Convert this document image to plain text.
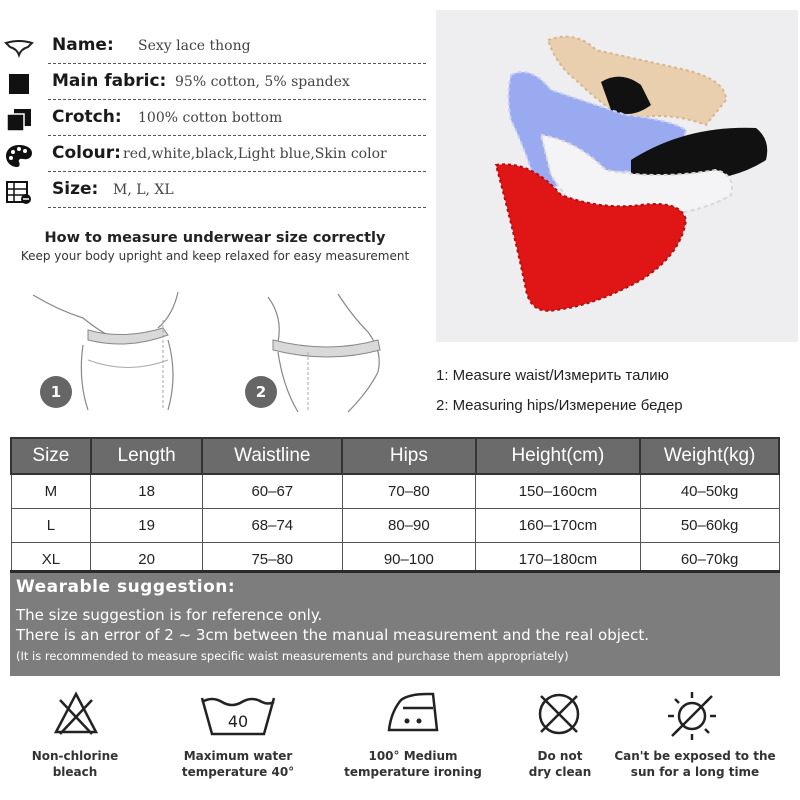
Name: Sexy lace thong
Main fabric: 95% cotton, 5% spandex
Crotch: 100% cotton bottom
Colour: red,white,black,Light blue,Skin color
Size: M, L, XL
How to measure underwear size correctly
Keep your body upright and keep relaxed for easy measurement
1	2
1: Measure waist/Измерить талию
2: Measuring hips/Измерение бедер
Size	Length	Waistline	Hips	Height(cm)	Weight(kg)
M	18	60–67	70–80	150–160cm	40–50kg
L	19	68–74	80–90	160–170cm	50–60kg
XL	20	75–80	90–100	170–180cm	60–70kg
Wearable suggestion:
The size suggestion is for reference only.
There is an error of 2 ~ 3cm between the manual measurement and the real object.
(It is recommended to measure specific waist measurements and purchase them appropriately)
40
Non-chlorine
bleach
Maximum water
temperature 40°
100° Medium
temperature ironing
Do not
dry clean
Can't be exposed to the
sun for a long time
